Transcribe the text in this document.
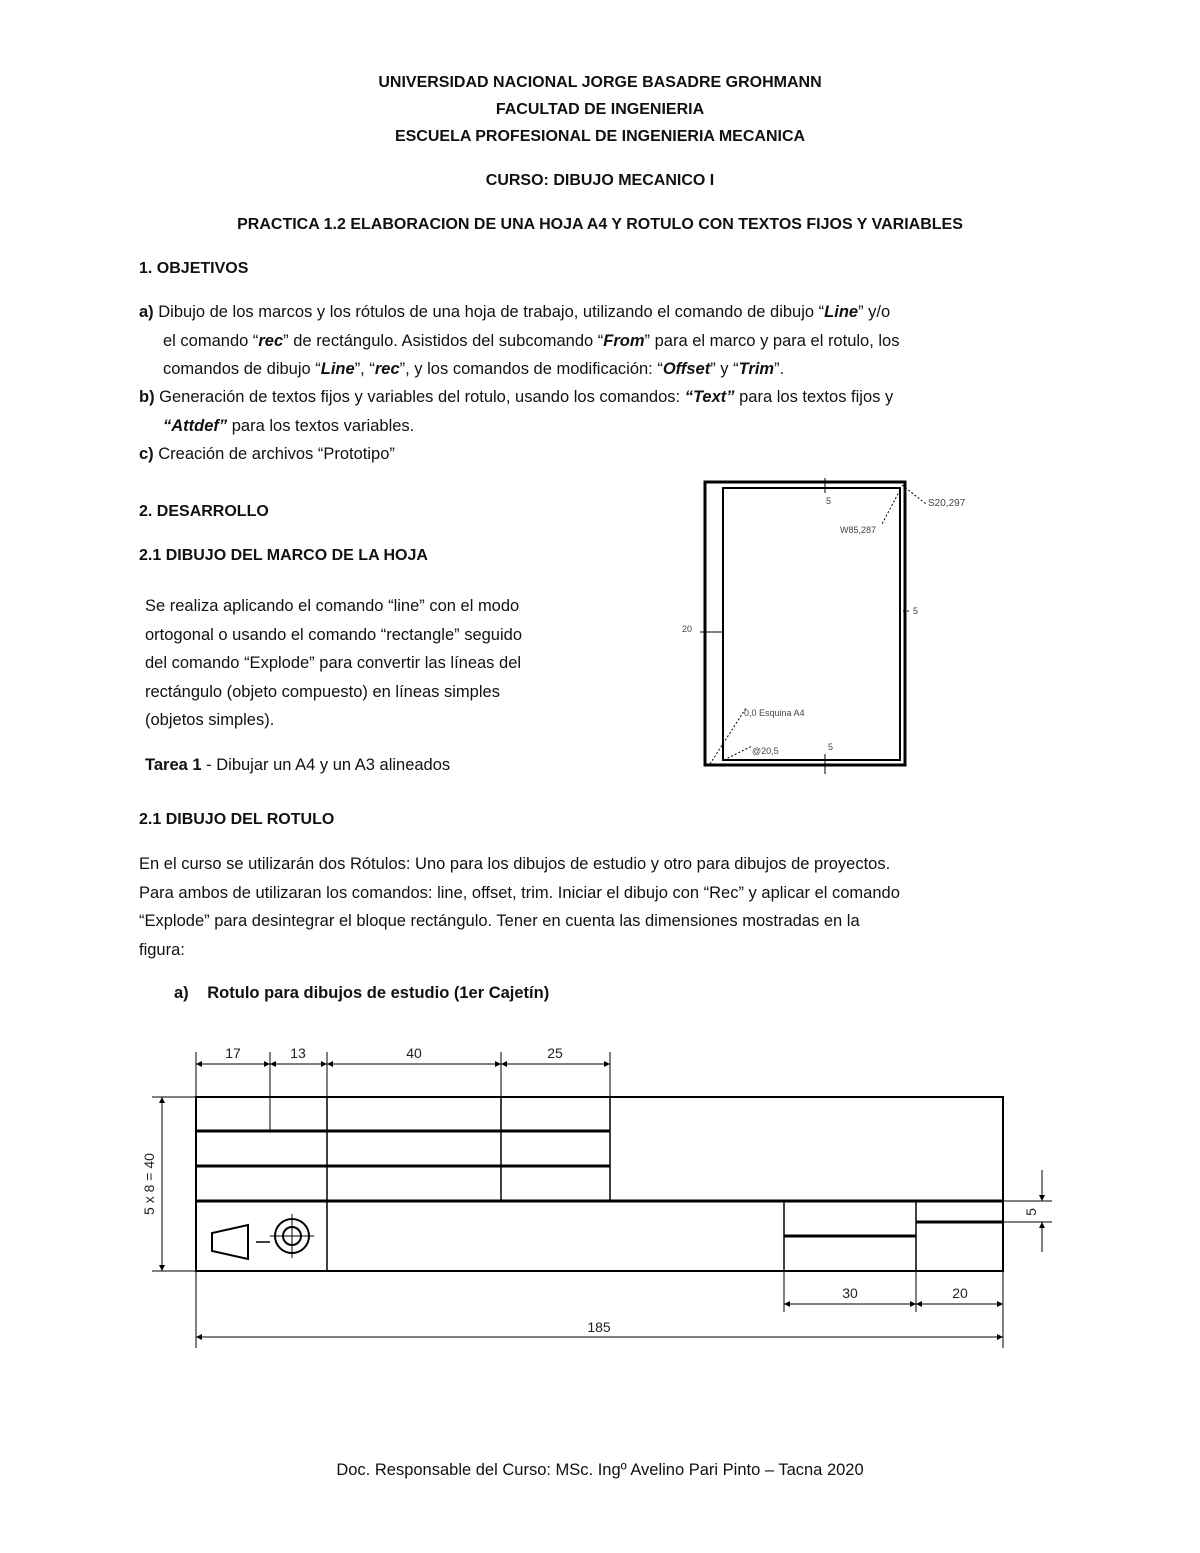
UNIVERSIDAD NACIONAL JORGE BASADRE GROHMANN
FACULTAD DE INGENIERIA
ESCUELA PROFESIONAL DE INGENIERIA MECANICA
CURSO: DIBUJO MECANICO I
PRACTICA 1.2 ELABORACION DE UNA HOJA A4 Y ROTULO CON TEXTOS FIJOS Y VARIABLES
1. OBJETIVOS
a) Dibujo de los marcos y los rótulos de una hoja de trabajo, utilizando el comando de dibujo “Line” y/o
el comando “rec” de rectángulo. Asistidos del subcomando “From” para el marco y para el rotulo, los
comandos de dibujo “Line”, “rec”, y los comandos de modificación: “Offset” y “Trim”.
b) Generación de textos fijos y variables del rotulo, usando los comandos: “Text” para los textos fijos y
“Attdef” para los textos variables.
c) Creación de archivos “Prototipo”
2. DESARROLLO
2.1 DIBUJO DEL MARCO DE LA HOJA
Se realiza aplicando el comando “line” con el modo
ortogonal o usando el comando “rectangle” seguido
del comando “Explode” para convertir las líneas del
rectángulo (objeto compuesto) en líneas simples
(objetos simples).
Tarea 1 - Dibujar un A4 y un A3 alineados
S20,297
W85,287
20
5
5
5
0,0 Esquina A4
@20,5
2.1 DIBUJO DEL ROTULO
En el curso se utilizarán dos Rótulos: Uno para los dibujos de estudio y otro para dibujos de proyectos.
Para ambos de utilizaran los comandos: line, offset, trim. Iniciar el dibujo con “Rec” y aplicar el comando
“Explode” para desintegrar el bloque rectángulo. Tener en cuenta las dimensiones mostradas en la
figura:
a) Rotulo para dibujos de estudio (1er Cajetín)
17	13	40	25
30	20
185
5 x 8 = 40	5
Doc. Responsable del Curso: MSc. Ingº Avelino Pari Pinto – Tacna 2020
